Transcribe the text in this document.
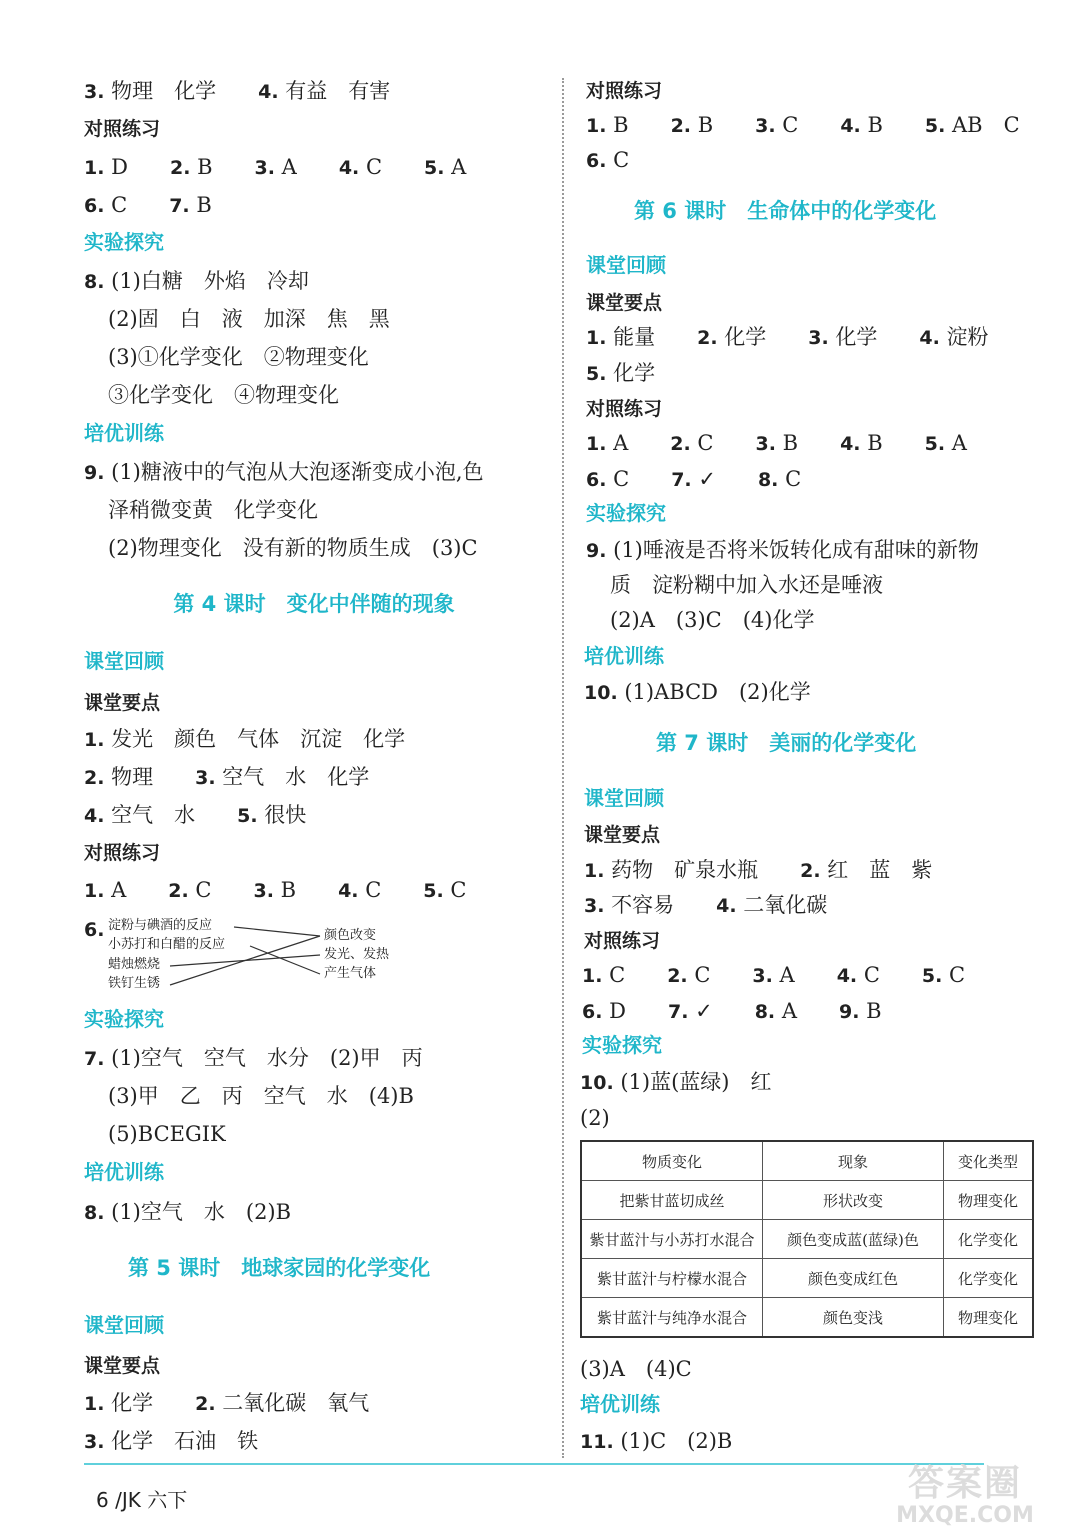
3. 物理　化学　　4. 有益　有害
对照练习
1. D　　2. B　　3. A　　4. C　　5. A
6. C　　7. B
实验探究
8. (1)白糖　外焰　冷却
(2)固　白　液　加深　焦　黑
(3)①化学变化　②物理变化
③化学变化　④物理变化
培优训练
9. (1)糖液中的气泡从大泡逐渐变成小泡,色
泽稍微变黄　化学变化
(2)物理变化　没有新的物质生成　(3)C
第 4 课时　变化中伴随的现象
课堂回顾
课堂要点
1. 发光　颜色　气体　沉淀　化学
2. 物理　　3. 空气　水　化学
4. 空气　水　　5. 很快
对照练习
1. A　　2. C　　3. B　　4. C　　5. C
6. 淀粉与碘酒的反应
小苏打和白醋的反应
蜡烛燃烧
铁钉生锈
颜色改变
发光、发热
产生气体
实验探究
7. (1)空气　空气　水分　(2)甲　丙
(3)甲　乙　丙　空气　水　(4)B
(5)BCEGIK
培优训练
8. (1)空气　水　(2)B
第 5 课时　地球家园的化学变化
课堂回顾
课堂要点
1. 化学　　2. 二氧化碳　氧气
3. 化学　石油　铁
对照练习
1. B　　2. B　　3. C　　4. B　　5. AB　C
6. C
第 6 课时　生命体中的化学变化
课堂回顾
课堂要点
1. 能量　　2. 化学　　3. 化学　　4. 淀粉
5. 化学
对照练习
1. A　　2. C　　3. B　　4. B　　5. A
6. C　　7. ✓　　8. C
实验探究
9. (1)唾液是否将米饭转化成有甜味的新物
质　淀粉糊中加入水还是唾液
(2)A　(3)C　(4)化学
培优训练
10. (1)ABCD　(2)化学
第 7 课时　美丽的化学变化
课堂回顾
课堂要点
1. 药物　矿泉水瓶　　2. 红　蓝　紫
3. 不容易　　4. 二氧化碳
对照练习
1. C　　2. C　　3. A　　4. C　　5. C
6. D　　7. ✓　　8. A　　9. B
实验探究
10. (1)蓝(蓝绿)　红
(2)
物质变化	现象	变化类型
把紫甘蓝切成丝	形状改变	物理变化
紫甘蓝汁与小苏打水混合	颜色变成蓝(蓝绿)色	化学变化
紫甘蓝汁与柠檬水混合	颜色变成红色	化学变化
紫甘蓝汁与纯净水混合	颜色变浅	物理变化
(3)A　(4)C
培优训练
11. (1)C　(2)B
6 /JK 六下	答案圈
MXQE.COM
